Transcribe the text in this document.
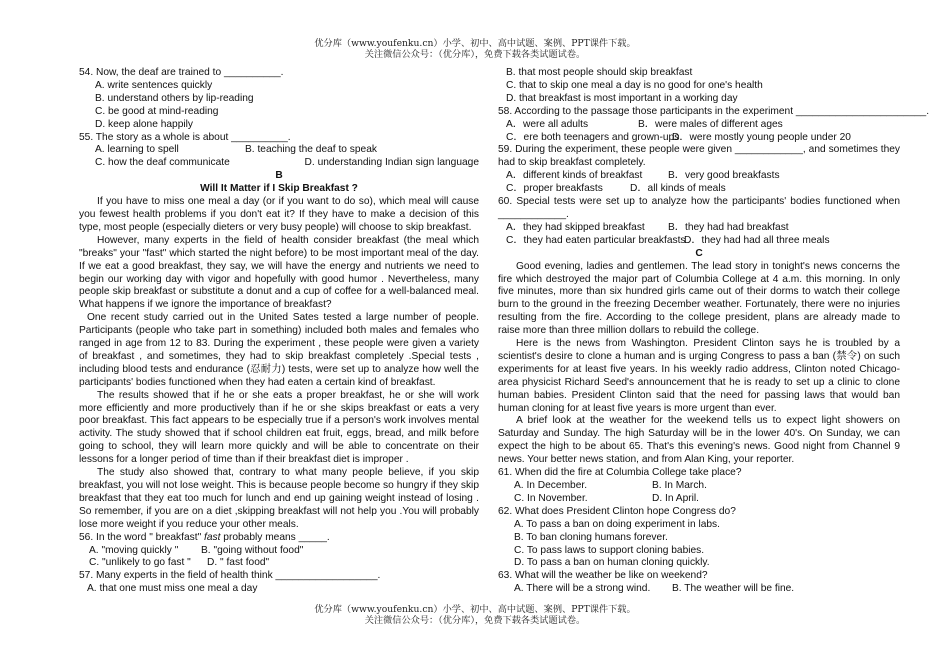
优分库（www.youfenku.cn）小学、初中、高中试题、案例、PPT课件下载。
关注微信公众号：（优分库），免费下载各类试题试卷。
54. Now, the deaf are trained to __________.
A. write sentences quickly
B. understand others by lip-reading
C. be good at mind-reading
D. keep alone happily
55. The story as a whole is about __________.
A. learning to spell	B. teaching the deaf to speak
C. how the deaf communicate	D. understanding Indian sign language
B
Will It Matter if I Skip Breakfast ?
If you have to miss one meal a day (or if you want to do so), which meal will cause you fewest health problems if you don't eat it? If they have to make a decision of this type, most people (especially dieters or very busy people) will choose to skip breakfast.
However, many experts in the field of health consider breakfast (the meal which "breaks" your "fast" which started the night before) to be most important meal of the day. If we eat a good breakfast, they say, we will have the energy and nutrients we need to begin our working day with vigor and hopefully with good humor . Nevertheless, many people skip breakfast or substitute a donut and a cup of coffee for a well-balanced meal. What happens if we ignore the importance of breakfast?
One recent study carried out in the United Sates tested a large number of people. Participants (people who take part in something) included both males and females who ranged in age from 12 to 83. During the experiment , these people were given a variety of breakfast , and sometimes, they had to skip breakfast completely .Special tests , including blood tests and endurance (忍耐力) tests, were set up to analyze how well the participants' bodies functioned when they had eaten a certain kind of breakfast.
The results showed that if he or she eats a proper breakfast, he or she will work more efficiently and more productively than if he or she skips breakfast or eats a very poor breakfast. This fact appears to be especially true if a person's work involves mental activity. The study showed that if school children eat fruit, eggs, bread, and milk before going to school, they will learn more quickly and will be able to concentrate on their lessons for a longer period of time than if their breakfast diet is improper .
The study also showed that, contrary to what many people believe, if you skip breakfast, you will not lose weight. This is because people become so hungry if they skip breakfast that they eat too much for lunch and end up gaining weight instead of losing . So remember, if you are on a diet ,skipping breakfast will not help you .You will probably lose more weight if you reduce your other meals.
56. In the word " breakfast" fast probably means _____.
A. "moving quickly "	B. "going without food"
C. "unlikely to go fast "	D. " fast food"
57. Many experts in the field of health think __________________.
A. that one must miss one meal a day
B. that most people should skip breakfast
C. that to skip one meal a day is no good for one's health
D. that breakfast is most important in a working day
58. According to the passage those participants in the experiment _______________________.
A．were all adults	B．were males of different ages
C．ere both teenagers and grown-ups
D．were mostly young people under 20
59. During the experiment, these people were given ____________, and sometimes they had to skip breakfast completely.
A．different kinds of breakfast	B．very good breakfasts
C．proper breakfasts	D．all kinds of meals
60. Special tests were set up to analyze how the participants' bodies functioned when ____________.
A．they had skipped breakfast	B．they had had breakfast
C．they had eaten particular breakfasts
D．they had had all three meals
C
Good evening, ladies and gentlemen. The lead story in tonight's news concerns the fire which destroyed the major part of Columbia College at 4 a.m. this morning. In only five minutes, more than six hundred girls came out of their dorms to watch their college burn to the ground in the freezing December weather. Fortunately, there were no injuries resulting from the fire. According to the college president, plans are already made to raise more than three million dollars to rebuild the college.
Here is the news from Washington. President Clinton says he is troubled by a scientist's desire to clone a human and is urging Congress to pass a ban (禁令) on such experiments for at least five years. In his weekly radio address, Clinton noted Chicago-area physicist Richard Seed's announcement that he is ready to set up a clinic to clone human babies. President Clinton said that the need for passing laws that would ban human cloning for at least five years is more urgent than ever.
A brief look at the weather for the weekend tells us to expect light showers on Saturday and Sunday. The high Saturday will be in the lower 40's. On Sunday, we can expect the high to be about 65. That's this evening's news. Good night from Channel 9 news. Your better news station, and from Alan King, your reporter.
61. When did the fire at Columbia College take place?
A. In December.	B. In March.
C. In November.	D. In April.
62. What does President Clinton hope Congress do?
A. To pass a ban on doing experiment in labs.
B. To ban cloning humans forever.
C. To pass laws to support cloning babies.
D. To pass a ban on human cloning quickly.
63. What will the weather be like on weekend?
A. There will be a strong wind.	B. The weather will be fine.
优分库（www.youfenku.cn）小学、初中、高中试题、案例、PPT课件下载。
关注微信公众号：（优分库），免费下载各类试题试卷。
